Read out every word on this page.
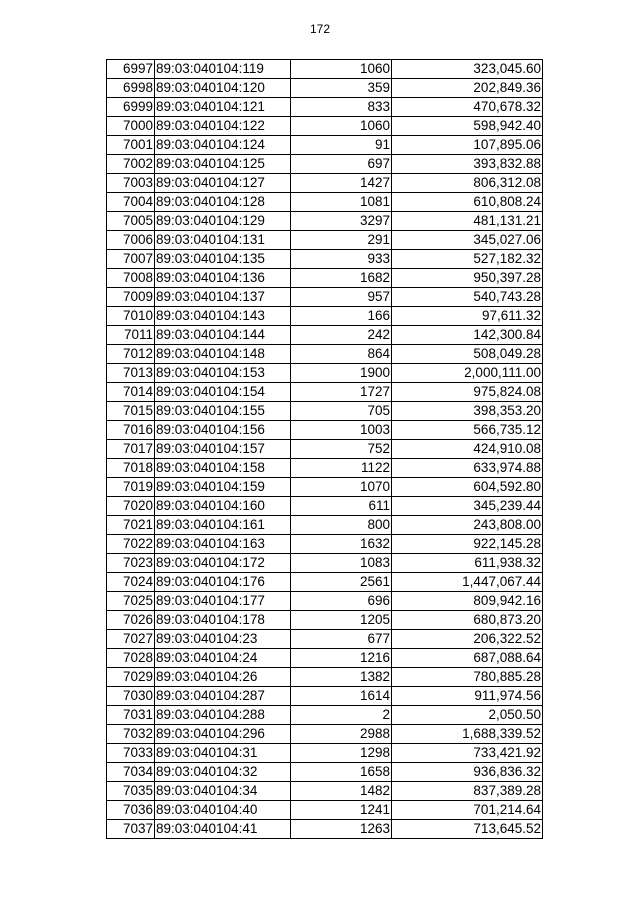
172
6997	89:03:040104:119	1060	323,045.60
6998	89:03:040104:120	359	202,849.36
6999	89:03:040104:121	833	470,678.32
7000	89:03:040104:122	1060	598,942.40
7001	89:03:040104:124	91	107,895.06
7002	89:03:040104:125	697	393,832.88
7003	89:03:040104:127	1427	806,312.08
7004	89:03:040104:128	1081	610,808.24
7005	89:03:040104:129	3297	481,131.21
7006	89:03:040104:131	291	345,027.06
7007	89:03:040104:135	933	527,182.32
7008	89:03:040104:136	1682	950,397.28
7009	89:03:040104:137	957	540,743.28
7010	89:03:040104:143	166	97,611.32
7011	89:03:040104:144	242	142,300.84
7012	89:03:040104:148	864	508,049.28
7013	89:03:040104:153	1900	2,000,111.00
7014	89:03:040104:154	1727	975,824.08
7015	89:03:040104:155	705	398,353.20
7016	89:03:040104:156	1003	566,735.12
7017	89:03:040104:157	752	424,910.08
7018	89:03:040104:158	1122	633,974.88
7019	89:03:040104:159	1070	604,592.80
7020	89:03:040104:160	611	345,239.44
7021	89:03:040104:161	800	243,808.00
7022	89:03:040104:163	1632	922,145.28
7023	89:03:040104:172	1083	611,938.32
7024	89:03:040104:176	2561	1,447,067.44
7025	89:03:040104:177	696	809,942.16
7026	89:03:040104:178	1205	680,873.20
7027	89:03:040104:23	677	206,322.52
7028	89:03:040104:24	1216	687,088.64
7029	89:03:040104:26	1382	780,885.28
7030	89:03:040104:287	1614	911,974.56
7031	89:03:040104:288	2	2,050.50
7032	89:03:040104:296	2988	1,688,339.52
7033	89:03:040104:31	1298	733,421.92
7034	89:03:040104:32	1658	936,836.32
7035	89:03:040104:34	1482	837,389.28
7036	89:03:040104:40	1241	701,214.64
7037	89:03:040104:41	1263	713,645.52
